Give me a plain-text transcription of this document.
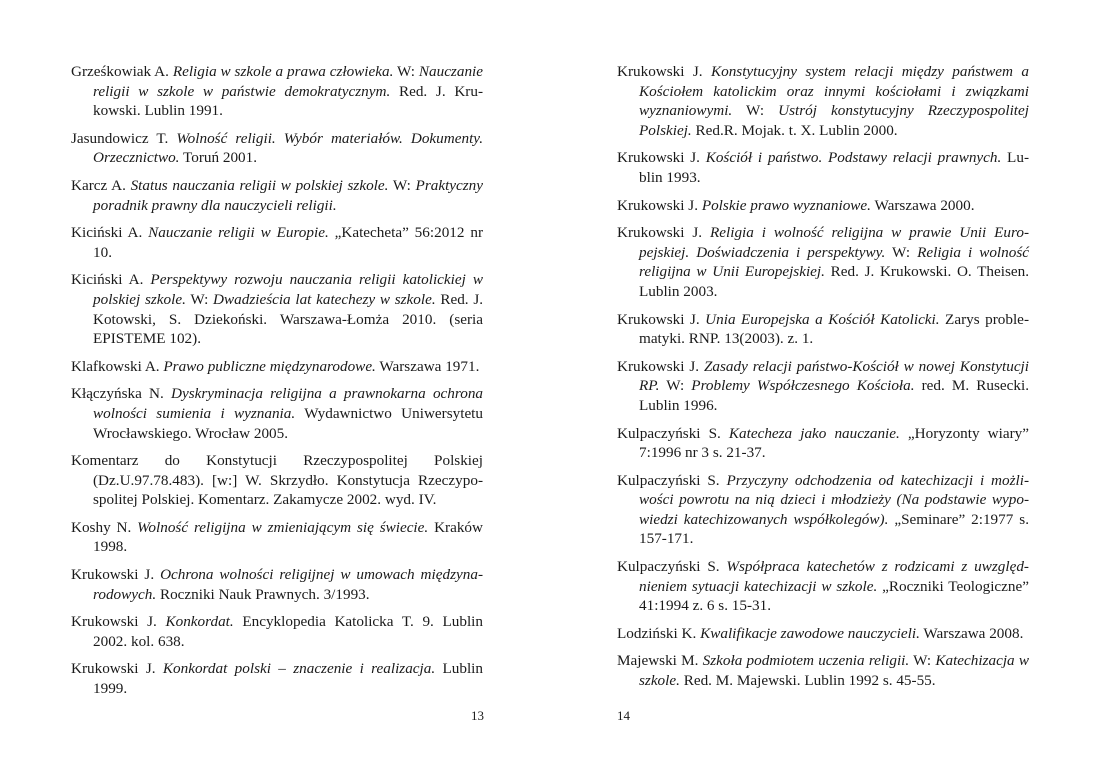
Grześkowiak A. Religia w szkole a prawa człowieka. W: Nauczanie religii w szkole w państwie demokratycznym. Red. J. Krukowski. Lublin 1991.

Jasundowicz T. Wolność religii. Wybór materiałów. Dokumenty. Orzecznictwo. Toruń 2001.

Karcz A. Status nauczania religii w polskiej szkole. W: Praktyczny poradnik prawny dla nauczycieli religii.

Kiciński A. Nauczanie religii w Europie. „Katecheta” 56:2012 nr 10.

Kiciński A. Perspektywy rozwoju nauczania religii katolickiej w polskiej szkole. W: Dwadzieścia lat katechezy w szkole. Red. J. Kotowski, S. Dziekoński. Warszawa-Łomża 2010. (seria EPISTEME 102).

Klafkowski A. Prawo publiczne międzynarodowe. Warszawa 1971.

Kłączyńska N. Dyskryminacja religijna a prawnokarna ochrona wolności sumienia i wyznania. Wydawnictwo Uniwersytetu Wrocławskiego. Wrocław 2005.

Komentarz do Konstytucji Rzeczypospolitej Polskiej (Dz.U.97.78.483). [w:] W. Skrzydło. Konstytucja Rzeczypospolitej Polskiej. Komentarz. Zakamycze 2002. wyd. IV.

Koshy N. Wolność religijna w zmieniającym się świecie. Kraków 1998.

Krukowski J. Ochrona wolności religijnej w umowach międzynarodowych. Roczniki Nauk Prawnych. 3/1993.

Krukowski J. Konkordat. Encyklopedia Katolicka T. 9. Lublin 2002. kol. 638.

Krukowski J. Konkordat polski – znaczenie i realizacja. Lublin 1999.

Krukowski J. Konstytucyjny system relacji między państwem a Kościołem katolickim oraz innymi kościołami i związkami wyznaniowymi. W: Ustrój konstytucyjny Rzeczypospolitej Polskiej. Red.R. Mojak. t. X. Lublin 2000.

Krukowski J. Kościół i państwo. Podstawy relacji prawnych. Lublin 1993.

Krukowski J. Polskie prawo wyznaniowe. Warszawa 2000.

Krukowski J. Religia i wolność religijna w prawie Unii Europejskiej. Doświadczenia i perspektywy. W: Religia i wolność religijna w Unii Europejskiej. Red. J. Krukowski. O. Theisen. Lublin 2003.

Krukowski J. Unia Europejska a Kościół Katolicki. Zarys problematyki. RNP. 13(2003). z. 1.

Krukowski J. Zasady relacji państwo-Kościół w nowej Konstytucji RP. W: Problemy Współczesnego Kościoła. red. M. Rusecki. Lublin 1996.

Kulpaczyński S. Katecheza jako nauczanie. „Horyzonty wiary” 7:1996 nr 3 s. 21-37.

Kulpaczyński S. Przyczyny odchodzenia od katechizacji i możliwości powrotu na nią dzieci i młodzieży (Na podstawie wypowiedzi katechizowanych współkolegów). „Seminare” 2:1977 s. 157-171.

Kulpaczyński S. Współpraca katechetów z rodzicami z uwzględnieniem sytuacji katechizacji w szkole. „Roczniki Teologiczne” 41:1994 z. 6 s. 15-31.

Lodziński K. Kwalifikacje zawodowe nauczycieli. Warszawa 2008.

Majewski M. Szkoła podmiotem uczenia religii. W: Katechizacja w szkole. Red. M. Majewski. Lublin 1992 s. 45-55.

13	14
